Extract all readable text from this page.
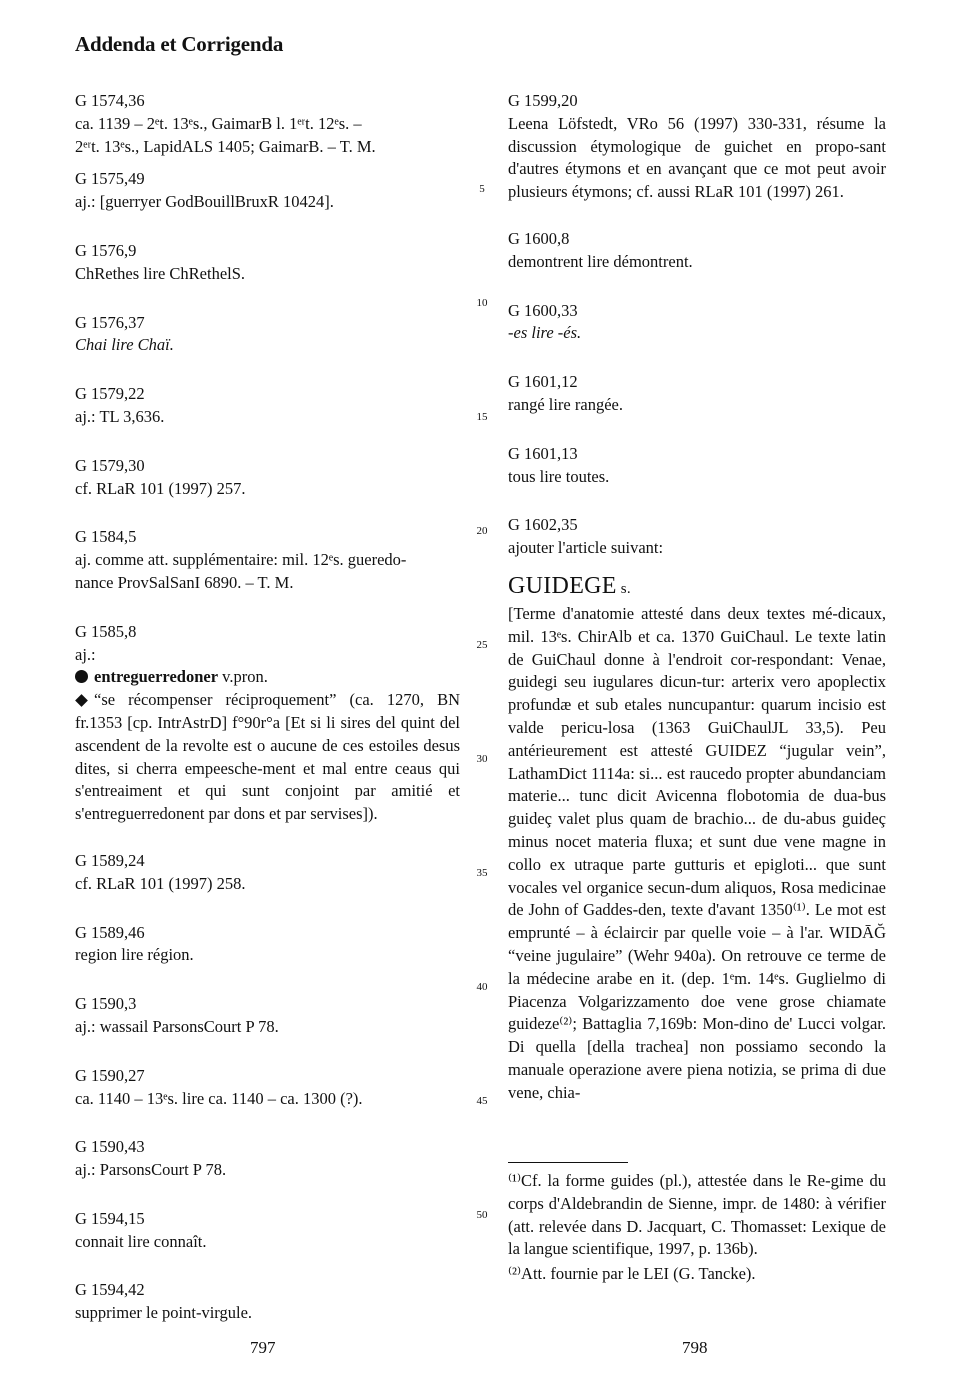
Addenda et Corrigenda
G 1574,36
ca. 1139 – 2ᵉt. 13ᵉs., GaimarB l. 1ᵉʳt. 12ᵉs. –
2ᵉʳt. 13ᵉs., LapidALS 1405; GaimarB. – T. M.
G 1575,49
aj.: [guerryer GodBouillBruxR 10424].
G 1576,9
ChRethes lire ChRethelS.
G 1576,37
Chai lire Chaï.
G 1579,22
aj.: TL 3,636.
G 1579,30
cf. RLaR 101 (1997) 257.
G 1584,5
aj. comme att. supplémentaire: mil. 12ᵉs. gueredo-
nance ProvSalSanI 6890. – T. M.
G 1585,8
aj.:
entreguerredoner v.pron.
“se récompenser réciproquement” (ca. 1270, BN fr.1353 [cp. IntrAstrD] f°90r°a [Et si li sires del quint del ascendent de la revolte est o aucune de ces estoiles desus dites, si cherra empeesche-ment et mal entre ceaus qui s'entreaiment et qui sunt conjoint par amitié et s'entreguerredonent par dons et par servises]).
G 1589,24
cf. RLaR 101 (1997) 258.
G 1589,46
region lire région.
G 1590,3
aj.: wassail ParsonsCourt P 78.
G 1590,27
ca. 1140 – 13ᵉs. lire ca. 1140 – ca. 1300 (?).
G 1590,43
aj.: ParsonsCourt P 78.
G 1594,15
connait lire connaît.
G 1594,42
supprimer le point-virgule.
5
10
15
20
25
30
35
40
45
50
G 1599,20
Leena Löfstedt, VRo 56 (1997) 330-331, résume la discussion étymologique de guichet en propo-sant d'autres étymons et en avançant que ce mot peut avoir plusieurs étymons; cf. aussi RLaR 101 (1997) 261.
G 1600,8
demontrent lire démontrent.
G 1600,33
-es lire -és.
G 1601,12
rangé lire rangée.
G 1601,13
tous lire toutes.
G 1602,35
ajouter l'article suivant:
GUIDEGE s.
[Terme d'anatomie attesté dans deux textes mé-dicaux, mil. 13ᵉs. ChirAlb et ca. 1370 GuiChaul. Le texte latin de GuiChaul donne à l'endroit cor-respondant: Venae, guidegi seu iugulares dicun-tur: arterix vero apoplectix profundæ et sub etales nuncupantur: quarum incisio est valde pericu-losa (1363 GuiChaulJL 33,5). Peu antérieurement est attesté GUIDEZ “jugular vein”, LathamDict 1114a: si... est raucedo propter abundanciam materie... tunc dicit Avicenna flobotomia de dua-bus guideç valet plus quam de brachio... de du-abus guideç minus nocet materia fluxa; et sunt due vene magne in collo ex utraque parte gutturis et epigloti... que sunt vocales vel organice secun-dum aliquos, Rosa medicinae de John of Gaddes-den, texte d'avant 1350⁽¹⁾. Le mot est emprunté – à éclaircir par quelle voie – à l'ar. WIDĀĞ “veine jugulaire” (Wehr 940a). On retrouve ce terme de la médecine arabe en it. (dep. 1ᵉm. 14ᵉs. Guglielmo di Piacenza Volgarizzamento doe vene grose chiamate guideze⁽²⁾; Battaglia 7,169b: Mon-dino de' Lucci volgar. Di quella [della trachea] non possiamo secondo la manuale operazione avere piena notizia, se prima di due vene, chia-
⁽¹⁾Cf. la forme guides (pl.), attestée dans le Re-gime du corps d'Aldebrandin de Sienne, impr. de 1480: à vérifier (att. relevée dans D. Jacquart, C. Thomasset: Lexique de la langue scientifique, 1997, p. 136b).
⁽²⁾Att. fournie par le LEI (G. Tancke).
797	798
